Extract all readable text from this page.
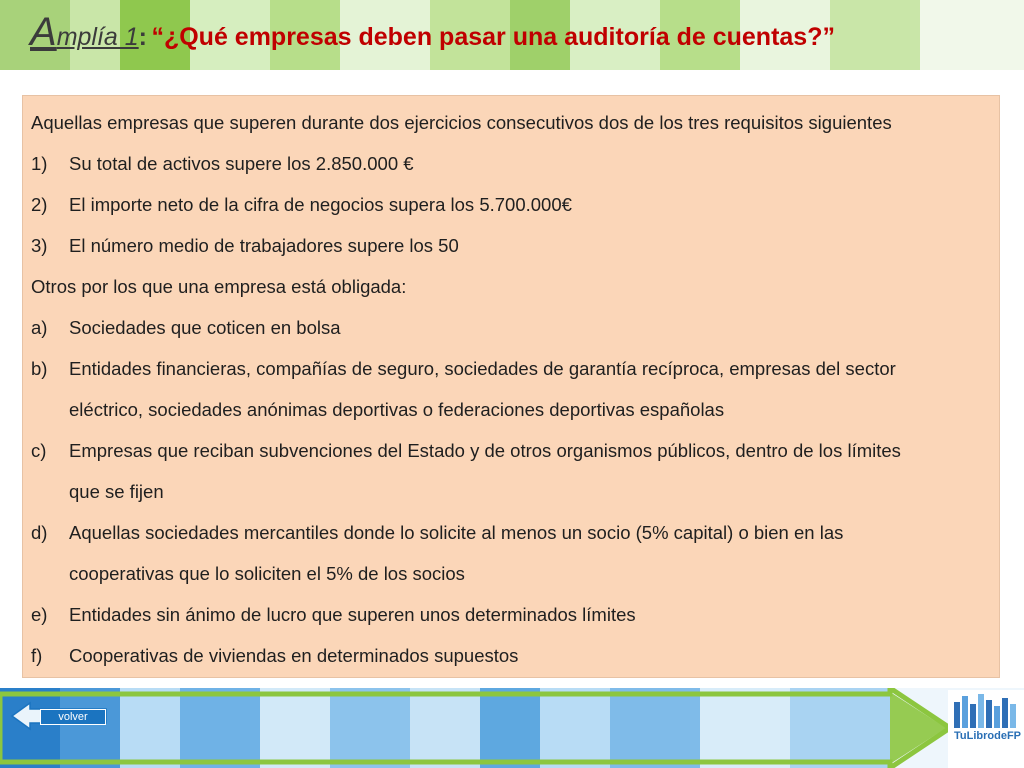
Amplía 1: “¿Qué empresas deben pasar una auditoría de cuentas?”
Aquellas empresas que superen durante dos ejercicios consecutivos dos de los tres requisitos siguientes
1) Su total de activos supere los 2.850.000 €
2) El importe neto de la cifra de negocios supera los 5.700.000€
3) El número medio de trabajadores supere los 50
Otros por los que una empresa está obligada:
a) Sociedades que coticen en bolsa
b) Entidades financieras, compañías de seguro, sociedades de garantía recíproca, empresas del sector
eléctrico, sociedades anónimas deportivas o federaciones deportivas españolas
c) Empresas que reciban subvenciones del Estado y de otros organismos públicos, dentro de los límites
que se fijen
d) Aquellas sociedades mercantiles donde lo solicite al menos un socio (5% capital) o bien en las
cooperativas que lo soliciten el 5% de los socios
e) Entidades sin ánimo de lucro que superen unos determinados límites
f) Cooperativas de viviendas en determinados supuestos
volver
TuLibrodeFP
